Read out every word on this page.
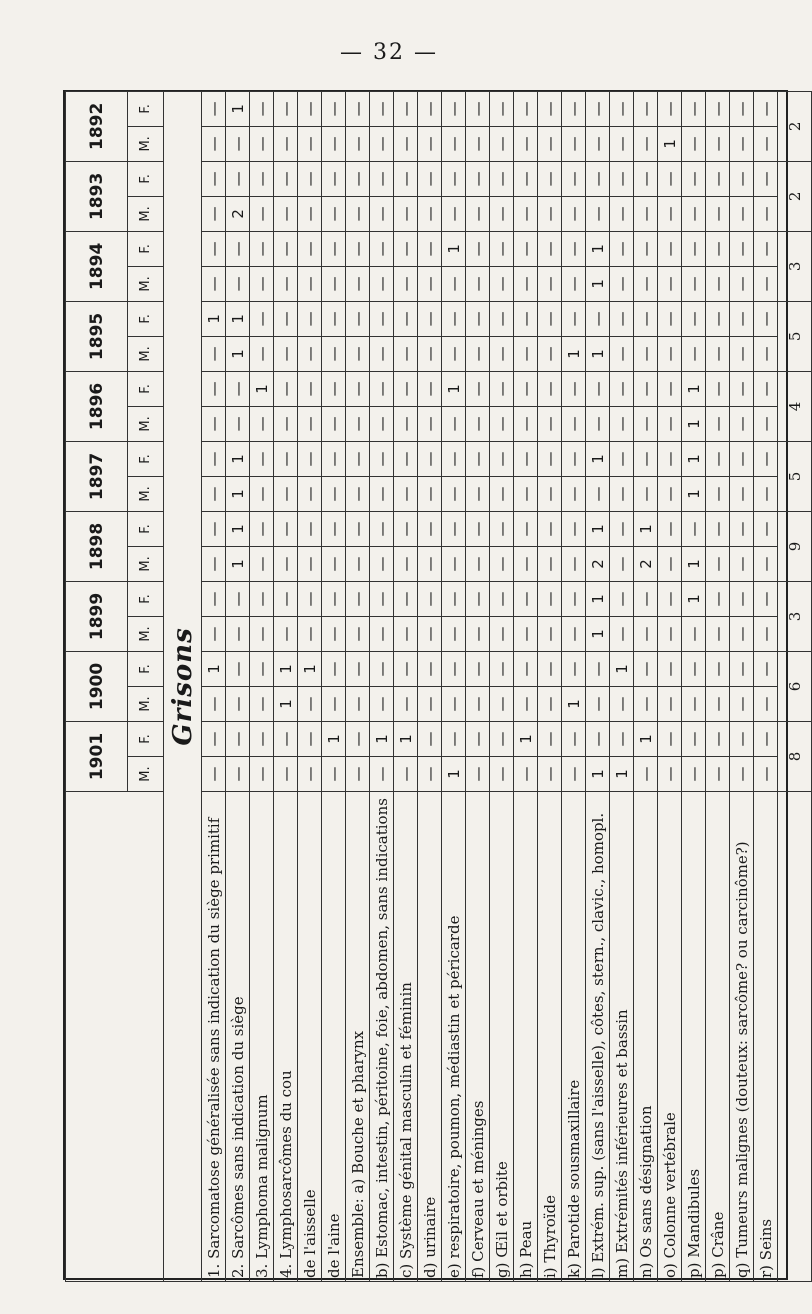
— 32 —
	1901		1900		1899		1898		1897		1896		1895		1894		1893		1892	
	M.	F.	M.	F.	M.	F.	M.	F.	M.	F.	M.	F.	M.	F.	M.	F.	M.	F.	M.	F.
Grisons																				
1. Sarcomatose généralisée sans indication du siège primitif	—	—	—	1	—	—	—	—	—	—	—	—	—	1	—	—	—	—	—	—
2. Sarcômes sans indication du siège	—	—	—	—	—	—	1	1	1	1	—	—	1	1	—	—	2	—	—	1
3. Lymphoma malignum	—	—	—	—	—	—	—	—	—	—	—	1	—	—	—	—	—	—	—	—
4. Lymphosarcômes du cou	—	—	1	1	—	—	—	—	—	—	—	—	—	—	—	—	—	—	—	—
de l'aisselle	—	—	—	1	—	—	—	—	—	—	—	—	—	—	—	—	—	—	—	—
de l'aine	—	1	—	—	—	—	—	—	—	—	—	—	—	—	—	—	—	—	—	—
Ensemble: a) Bouche et pharynx	—	—	—	—	—	—	—	—	—	—	—	—	—	—	—	—	—	—	—	—
b) Estomac, intestin, péritoine, foie, abdomen, sans indications	—	1	—	—	—	—	—	—	—	—	—	—	—	—	—	—	—	—	—	—
c) Système génital masculin et féminin	—	1	—	—	—	—	—	—	—	—	—	—	—	—	—	—	—	—	—	—
d) urinaire	—	—	—	—	—	—	—	—	—	—	—	—	—	—	—	—	—	—	—	—
e) respiratoire, poumon, médiastin et péricarde	1	—	—	—	—	—	—	—	—	—	—	1	—	—	—	1	—	—	—	—
f) Cerveau et méninges	—	—	—	—	—	—	—	—	—	—	—	—	—	—	—	—	—	—	—	—
g) Œil et orbite	—	—	—	—	—	—	—	—	—	—	—	—	—	—	—	—	—	—	—	—
h) Peau	—	1	—	—	—	—	—	—	—	—	—	—	—	—	—	—	—	—	—	—
i) Thyroïde	—	—	—	—	—	—	—	—	—	—	—	—	—	—	—	—	—	—	—	—
k) Parotide sousmaxillaire	—	—	1	—	—	—	—	—	—	—	—	—	1	—	—	—	—	—	—	—
l) Extrém. sup. (sans l'aisselle), côtes, stern., clavic., homopl.	1	—	—	—	1	1	2	1	—	1	—	—	1	—	1	1	—	—	—	—
m) Extrémités inférieures et bassin	1	—	—	1	—	—	—	—	—	—	—	—	—	—	—	—	—	—	—	—
n) Os sans désignation	—	1	—	—	—	—	2	1	—	—	—	—	—	—	—	—	—	—	—	—
o) Colonne vertébrale	—	—	—	—	—	—	—	—	—	—	—	—	—	—	—	—	—	—	1	—
p) Mandibules	—	—	—	—	—	1	1	—	1	1	1	1	—	—	—	—	—	—	—	—
p) Crâne	—	—	—	—	—	—	—	—	—	—	—	—	—	—	—	—	—	—	—	—
q) Tumeurs malignes (douteux: sarcôme? ou carcinôme?)	—	—	—	—	—	—	—	—	—	—	—	—	—	—	—	—	—	—	—	—
r) Seins	—	—	—	—	—	—	—	—	—	—	—	—	—	—	—	—	—	—	—	—
	8		6		3		9		5		4		5		3		2		2	
